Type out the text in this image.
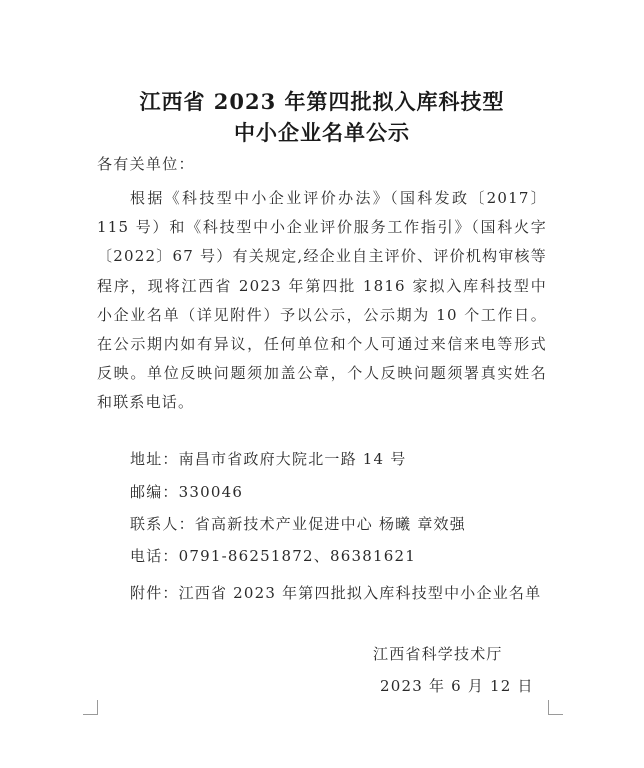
江西省 2023 年第四批拟入库科技型
中小企业名单公示
各有关单位：
根据《科技型中小企业评价办法》（国科发政〔2017〕115 号）和《科技型中小企业评价服务工作指引》（国科火字〔2022〕67 号）有关规定,经企业自主评价、评价机构审核等程序，现将江西省 2023 年第四批 1816 家拟入库科技型中小企业名单（详见附件）予以公示，公示期为 10 个工作日。在公示期内如有异议，任何单位和个人可通过来信来电等形式反映。单位反映问题须加盖公章，个人反映问题须署真实姓名和联系电话。
地址：南昌市省政府大院北一路 14 号
邮编：330046
联系人：省高新技术产业促进中心 杨曦 章效强
电话：0791-86251872、86381621
附件：江西省 2023 年第四批拟入库科技型中小企业名单
江西省科学技术厅
2023 年 6 月 12 日
